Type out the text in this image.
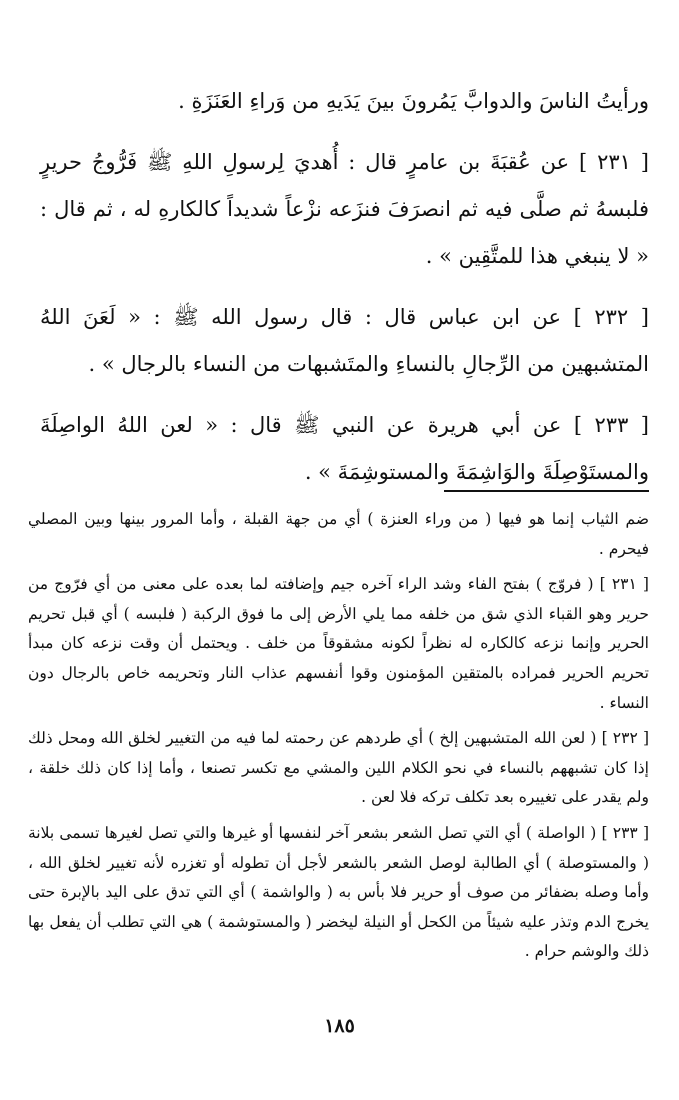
ورأيتُ الناسَ والدوابَّ يَمُرونَ بينَ يَدَيهِ من وَراءِ العَنَزَةِ .

[ ٢٣١ ] عن عُقبَةَ بن عامرٍ قال : أُهديَ لِرسولِ اللهِ ﷺ فَرُّوجُ حريرٍ فلبسهُ ثم صلَّى فيه ثم انصرَفَ فنزَعه نزْعاً شديداً كالكارهِ له ، ثم قال : « لا ينبغي هذا للمتَّقِين » .

[ ٢٣٢ ] عن ابن عباس قال : قال رسول الله ﷺ : « لَعَنَ اللهُ المتشبهين من الرِّجالِ بالنساءِ والمتَشبهات من النساء بالرجال » .

[ ٢٣٣ ] عن أبي هريرة عن النبي ﷺ قال : « لعن اللهُ الواصِلَةَ والمستَوْصِلَةَ والوَاشِمَةَ والمستوشِمَةَ » .

ضم الثياب إنما هو فيها ( من وراء العنزة ) أي من جهة القبلة ، وأما المرور بينها وبين المصلي فيحرم .

[ ٢٣١ ] ( فروّج ) بفتح الفاء وشد الراء آخره جيم وإضافته لما بعده على معنى من أي فرّوج من حرير وهو القباء الذي شق من خلفه مما يلي الأرض إلى ما فوق الركبة ( فلبسه ) أي قبل تحريم الحرير وإنما نزعه كالكاره له نظراً لكونه مشقوقاً من خلف . ويحتمل أن وقت نزعه كان مبدأ تحريم الحرير فمراده بالمتقين المؤمنون وقوا أنفسهم عذاب النار وتحريمه خاص بالرجال دون النساء .

[ ٢٣٢ ] ( لعن الله المتشبهين إلخ ) أي طردهم عن رحمته لما فيه من التغيير لخلق الله ومحل ذلك إذا كان تشبههم بالنساء في نحو الكلام اللين والمشي مع تكسر تصنعا ، وأما إذا كان ذلك خلقة ، ولم يقدر على تغييره بعد تكلف تركه فلا لعن .

[ ٢٣٣ ] ( الواصلة ) أي التي تصل الشعر بشعر آخر لنفسها أو غيرها والتي تصل لغيرها تسمى بلانة ( والمستوصلة ) أي الطالبة لوصل الشعر بالشعر لأجل أن تطوله أو تغزره لأنه تغيير لخلق الله ، وأما وصله بضفائر من صوف أو حرير فلا بأس به ( والواشمة ) أي التي تدق على اليد بالإبرة حتى يخرج الدم وتذر عليه شيئاً من الكحل أو النيلة ليخضر ( والمستوشمة ) هي التي تطلب أن يفعل بها ذلك والوشم حرام .

١٨٥
